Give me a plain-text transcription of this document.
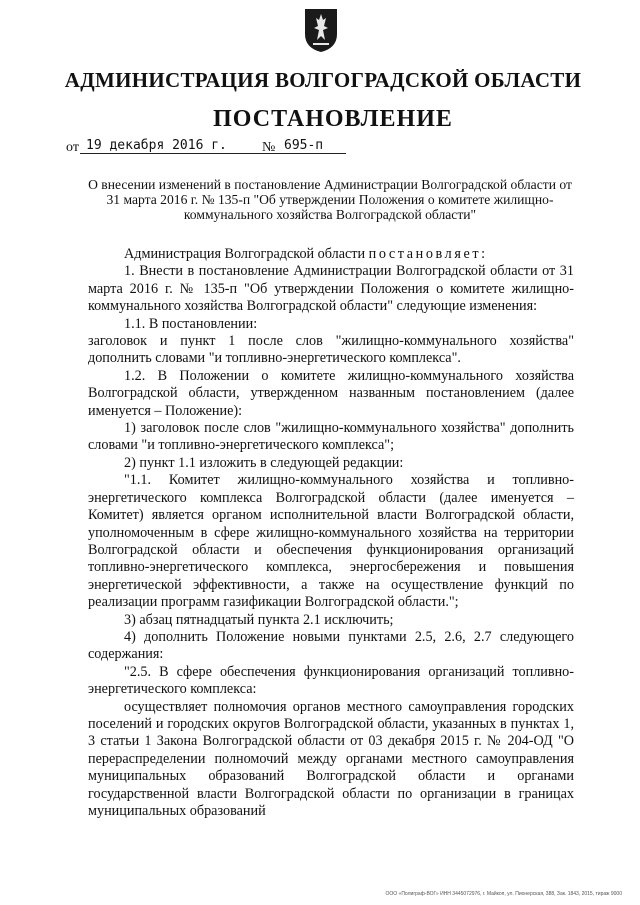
АДМИНИСТРАЦИЯ ВОЛГОГРАДСКОЙ ОБЛАСТИ
ПОСТАНОВЛЕНИЕ
от 19 декабря 2016 г.	№ 695-п
О внесении изменений в постановление Администрации Волгоградской области от 31 марта 2016 г. № 135-п "Об утверждении Положения о комитете жилищно-коммунального хозяйства Волгоградской области"

Администрация Волгоградской области постановляет:

1. Внести в постановление Администрации Волгоградской области от 31 марта 2016 г. № 135-п "Об утверждении Положения о комитете жилищно-коммунального хозяйства Волгоградской области" следующие изменения:

1.1. В постановлении:

заголовок и пункт 1 после слов "жилищно-коммунального хозяйства" дополнить словами "и топливно-энергетического комплекса".

1.2. В Положении о комитете жилищно-коммунального хозяйства Волгоградской области, утвержденном названным постановлением (далее именуется – Положение):

1) заголовок после слов "жилищно-коммунального хозяйства" дополнить словами "и топливно-энергетического комплекса";

2) пункт 1.1 изложить в следующей редакции:

"1.1. Комитет жилищно-коммунального хозяйства и топливно-энергетического комплекса Волгоградской области (далее именуется – Комитет) является органом исполнительной власти Волгоградской области, уполномоченным в сфере жилищно-коммунального хозяйства на территории Волгоградской области и обеспечения функционирования организаций топливно-энергетического комплекса, энергосбережения и повышения энергетической эффективности, а также на осуществление функций по реализации программ газификации Волгоградской области.";

3) абзац пятнадцатый пункта 2.1 исключить;

4) дополнить Положение новыми пунктами 2.5, 2.6, 2.7 следующего содержания:

"2.5. В сфере обеспечения функционирования организаций топливно-энергетического комплекса:

осуществляет полномочия органов местного самоуправления городских поселений и городских округов Волгоградской области, указанных в пунктах 1, 3 статьи 1 Закона Волгоградской области от 03 декабря 2015 г. № 204-ОД "О перераспределении полномочий между органами местного самоуправления муниципальных образований Волгоградской области и органами государственной власти Волгоградской области по организации в границах муниципальных образований

ООО «Полиграф-ВОГ» ИНН 3445072976, г. Майкоп, ул. Пионерская, 388, Зак. 1843, 2015, тираж 9000
